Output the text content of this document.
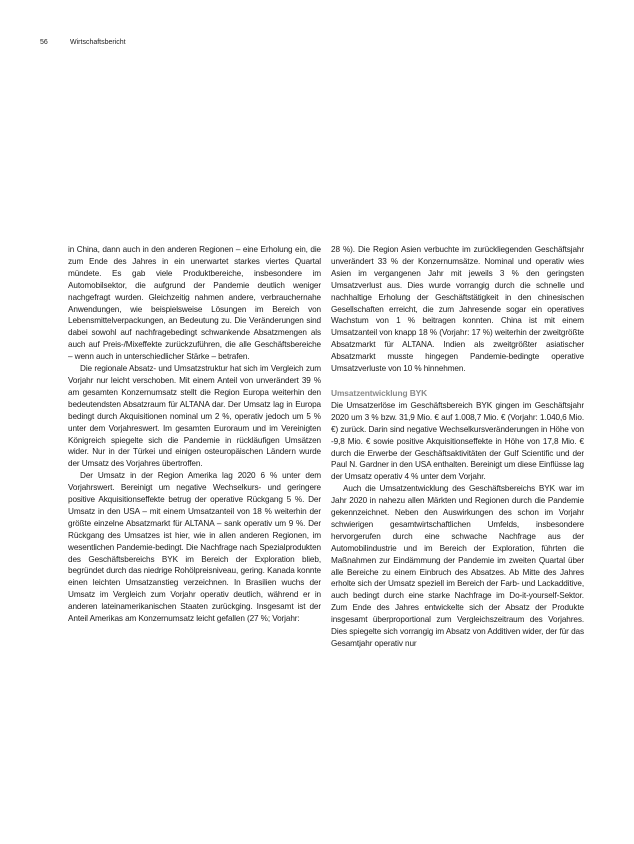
56	Wirtschaftsbericht

in China, dann auch in den anderen Regionen – eine Erholung ein, die zum Ende des Jahres in ein unerwartet starkes viertes Quartal mündete. Es gab viele Produktbereiche, insbesondere im Automobilsektor, die aufgrund der Pandemie deutlich weniger nachgefragt wurden. Gleichzeitig nahmen andere, verbrauchernahe Anwendungen, wie beispielsweise Lösungen im Bereich von Lebensmittelverpackungen, an Bedeutung zu. Die Veränderungen sind dabei sowohl auf nachfragebedingt schwankende Absatzmengen als auch auf Preis-/Mixeffekte zurückzuführen, die alle Geschäftsbereiche – wenn auch in unterschiedlicher Stärke – betrafen.

Die regionale Absatz- und Umsatzstruktur hat sich im Vergleich zum Vorjahr nur leicht verschoben. Mit einem Anteil von unverändert 39 % am gesamten Konzernumsatz stellt die Region Europa weiterhin den bedeutendsten Absatzraum für ALTANA dar. Der Umsatz lag in Europa bedingt durch Akquisitionen nominal um 2 %, operativ jedoch um 5 % unter dem Vorjahreswert. Im gesamten Euroraum und im Vereinigten Königreich spiegelte sich die Pandemie in rückläufigen Umsätzen wider. Nur in der Türkei und einigen osteuropäischen Ländern wurde der Umsatz des Vorjahres übertroffen.

Der Umsatz in der Region Amerika lag 2020 6 % unter dem Vorjahrswert. Bereinigt um negative Wechselkurs- und geringere positive Akquisitionseffekte betrug der operative Rückgang 5 %. Der Umsatz in den USA – mit einem Umsatzanteil von 18 % weiterhin der größte einzelne Absatzmarkt für ALTANA – sank operativ um 9 %. Der Rückgang des Umsatzes ist hier, wie in allen anderen Regionen, im wesentlichen Pandemie-bedingt. Die Nachfrage nach Spezialprodukten des Geschäftsbereichs BYK im Bereich der Exploration blieb, begründet durch das niedrige Rohölpreisniveau, gering. Kanada konnte einen leichten Umsatzanstieg verzeichnen. In Brasilien wuchs der Umsatz im Vergleich zum Vorjahr operativ deutlich, während er in anderen lateinamerikanischen Staaten zurückging. Insgesamt ist der Anteil Amerikas am Konzernumsatz leicht gefallen (27 %; Vorjahr:

28 %). Die Region Asien verbuchte im zurückliegenden Geschäftsjahr unverändert 33 % der Konzernumsätze. Nominal und operativ wies Asien im vergangenen Jahr mit jeweils 3 % den geringsten Umsatzverlust aus. Dies wurde vorrangig durch die schnelle und nachhaltige Erholung der Geschäftstätigkeit in den chinesischen Gesellschaften erreicht, die zum Jahresende sogar ein operatives Wachstum von 1 % beitragen konnten. China ist mit einem Umsatzanteil von knapp 18 % (Vorjahr: 17 %) weiterhin der zweitgrößte Absatzmarkt für ALTANA. Indien als zweitgrößter asiatischer Absatzmarkt musste hingegen Pandemie-bedingte operative Umsatzverluste von 10 % hinnehmen.

Umsatzentwicklung BYK

Die Umsatzerlöse im Geschäftsbereich BYK gingen im Geschäftsjahr 2020 um 3 % bzw. 31,9 Mio. € auf 1.008,7 Mio. € (Vorjahr: 1.040,6 Mio. €) zurück. Darin sind negative Wechselkursveränderungen in Höhe von -9,8 Mio. € sowie positive Akquisitionseffekte in Höhe von 17,8 Mio. € durch die Erwerbe der Geschäftsaktivitäten der Gulf Scientific und der Paul N. Gardner in den USA enthalten. Bereinigt um diese Einflüsse lag der Umsatz operativ 4 % unter dem Vorjahr.

Auch die Umsatzentwicklung des Geschäftsbereichs BYK war im Jahr 2020 in nahezu allen Märkten und Regionen durch die Pandemie gekennzeichnet. Neben den Auswirkungen des schon im Vorjahr schwierigen gesamtwirtschaftlichen Umfelds, insbesondere hervorgerufen durch eine schwache Nachfrage aus der Automobilindustrie und im Bereich der Exploration, führten die Maßnahmen zur Eindämmung der Pandemie im zweiten Quartal über alle Bereiche zu einem Einbruch des Absatzes. Ab Mitte des Jahres erholte sich der Umsatz speziell im Bereich der Farb- und Lackadditive, auch bedingt durch eine starke Nachfrage im Do-it-yourself-Sektor. Zum Ende des Jahres entwickelte sich der Absatz der Produkte insgesamt überproportional zum Vergleichszeitraum des Vorjahres. Dies spiegelte sich vorrangig im Absatz von Additiven wider, der für das Gesamtjahr operativ nur
